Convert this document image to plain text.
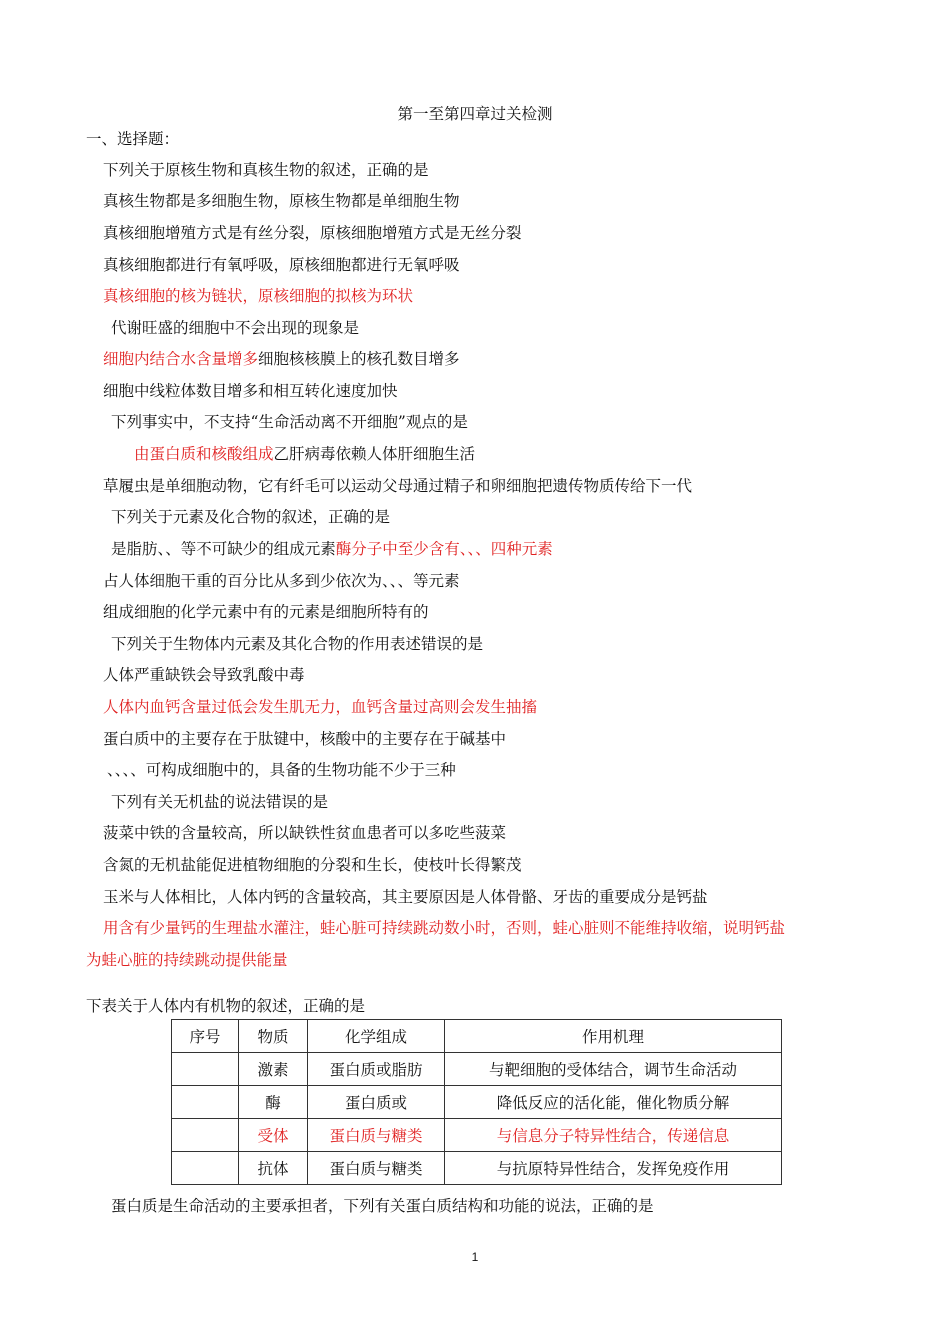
第一至第四章过关检测
一、选择题：
下列关于原核生物和真核生物的叙述，正确的是
真核生物都是多细胞生物，原核生物都是单细胞生物
真核细胞增殖方式是有丝分裂，原核细胞增殖方式是无丝分裂
真核细胞都进行有氧呼吸，原核细胞都进行无氧呼吸
真核细胞的核为链状，原核细胞的拟核为环状
代谢旺盛的细胞中不会出现的现象是
细胞内结合水含量增多细胞核核膜上的核孔数目增多
细胞中线粒体数目增多和相互转化速度加快
下列事实中，不支持“生命活动离不开细胞”观点的是
由蛋白质和核酸组成乙肝病毒依赖人体肝细胞生活
草履虫是单细胞动物，它有纤毛可以运动父母通过精子和卵细胞把遗传物质传给下一代
下列关于元素及化合物的叙述，正确的是
是脂肪、、等不可缺少的组成元素酶分子中至少含有、、、四种元素
占人体细胞干重的百分比从多到少依次为、、、等元素
组成细胞的化学元素中有的元素是细胞所特有的
下列关于生物体内元素及其化合物的作用表述错误的是
人体严重缺铁会导致乳酸中毒
人体内血钙含量过低会发生肌无力，血钙含量过高则会发生抽搐
蛋白质中的主要存在于肽键中，核酸中的主要存在于碱基中
、、、、可构成细胞中的，具备的生物功能不少于三种
下列有关无机盐的说法错误的是
菠菜中铁的含量较高，所以缺铁性贫血患者可以多吃些菠菜
含氮的无机盐能促进植物细胞的分裂和生长，使枝叶长得繁茂
玉米与人体相比，人体内钙的含量较高，其主要原因是人体骨骼、牙齿的重要成分是钙盐
用含有少量钙的生理盐水灌注，蛙心脏可持续跳动数小时，否则，蛙心脏则不能维持收缩，说明钙盐
为蛙心脏的持续跳动提供能量
下表关于人体内有机物的叙述，正确的是
序号	物质	化学组成	作用机理
	激素	蛋白质或脂肪	与靶细胞的受体结合，调节生命活动
	酶	蛋白质或	降低反应的活化能，催化物质分解
	受体	蛋白质与糖类	与信息分子特异性结合，传递信息
	抗体	蛋白质与糖类	与抗原特异性结合，发挥免疫作用
蛋白质是生命活动的主要承担者，下列有关蛋白质结构和功能的说法，正确的是
1
